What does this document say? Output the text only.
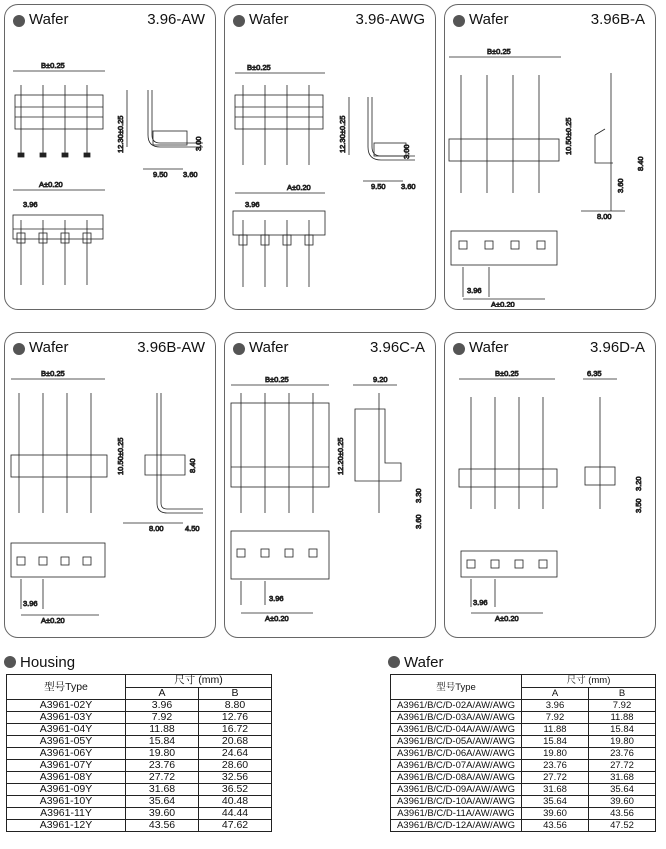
Wafer	3.96-AW
B±0.25
12.30±0.25	3.00
9.50 3.60
A±0.20
3.96
Wafer	3.96-AWG
B±0.25
12.30±0.25	3.00
9.50 3.60
A±0.20
3.96
Wafer	3.96B-A
B±0.25
10.50±0.25
8.40
3.60
8.00
3.96
A±0.20
Wafer	3.96B-AW
B±0.25
10.50±0.25	8.40
8.00	4.50
3.96
A±0.20
Wafer	3.96C-A
B±0.25	9.20
12.20±0.25
3.30
3.60
3.96
A±0.20
Wafer	3.96D-A
B±0.25	6.35
3.20
3.50
3.96
A±0.20
Housing
型号Type	尺寸 (mm)	
	A	B
A3961-02Y	3.96	8.80
A3961-03Y	7.92	12.76
A3961-04Y	11.88	16.72
A3961-05Y	15.84	20.68
A3961-06Y	19.80	24.64
A3961-07Y	23.76	28.60
A3961-08Y	27.72	32.56
A3961-09Y	31.68	36.52
A3961-10Y	35.64	40.48
A3961-11Y	39.60	44.44
A3961-12Y	43.56	47.62
Wafer
型号Type	尺寸 (mm)	
	A	B
A3961/B/C/D-02A/AW/AWG	3.96	7.92
A3961/B/C/D-03A/AW/AWG	7.92	11.88
A3961/B/C/D-04A/AW/AWG	11.88	15.84
A3961/B/C/D-05A/AW/AWG	15.84	19.80
A3961/B/C/D-06A/AW/AWG	19.80	23.76
A3961/B/C/D-07A/AW/AWG	23.76	27.72
A3961/B/C/D-08A/AW/AWG	27.72	31.68
A3961/B/C/D-09A/AW/AWG	31.68	35.64
A3961/B/C/D-10A/AW/AWG	35.64	39.60
A3961/B/C/D-11A/AW/AWG	39.60	43.56
A3961/B/C/D-12A/AW/AWG	43.56	47.52
